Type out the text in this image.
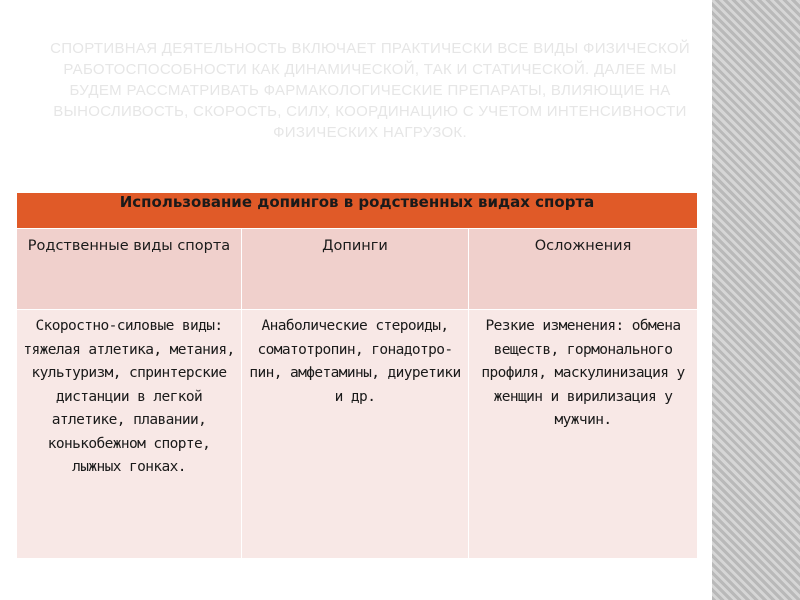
СПОРТИВНАЯ ДЕЯТЕЛЬНОСТЬ ВКЛЮЧАЕТ ПРАКТИЧЕСКИ ВСЕ ВИДЫ ФИЗИЧЕСКОЙ РАБОТОСПОСОБНОСТИ КАК ДИНАМИЧЕСКОЙ, ТАК И СТАТИЧЕСКОЙ. ДАЛЕЕ МЫ БУДЕМ РАССМАТРИВАТЬ ФАРМАКОЛОГИЧЕСКИЕ ПРЕПАРАТЫ, ВЛИЯЮЩИЕ НА ВЫНОСЛИВОСТЬ, СКОРОСТЬ, СИЛУ, КООРДИНАЦИЮ С УЧЕТОМ ИНТЕНСИВНОСТИ ФИЗИЧЕСКИХ НАГРУЗОК.
Использование допингов в родственных видах спорта		
Родственные виды спорта	Допинги	Осложнения
Скоростно-силовые виды: тяжелая атлетика, метания, культуризм, спринтерские дистанции в легкой атлетике, плавании, конькобежном спорте, лыжных гонках.	Анаболические стероиды, соматотропин, гонадотро-пин, амфетамины, диуретики и др.	Резкие изменения: обмена веществ, гормонального профиля, маскулинизация у женщин и вирилизация у мужчин.
